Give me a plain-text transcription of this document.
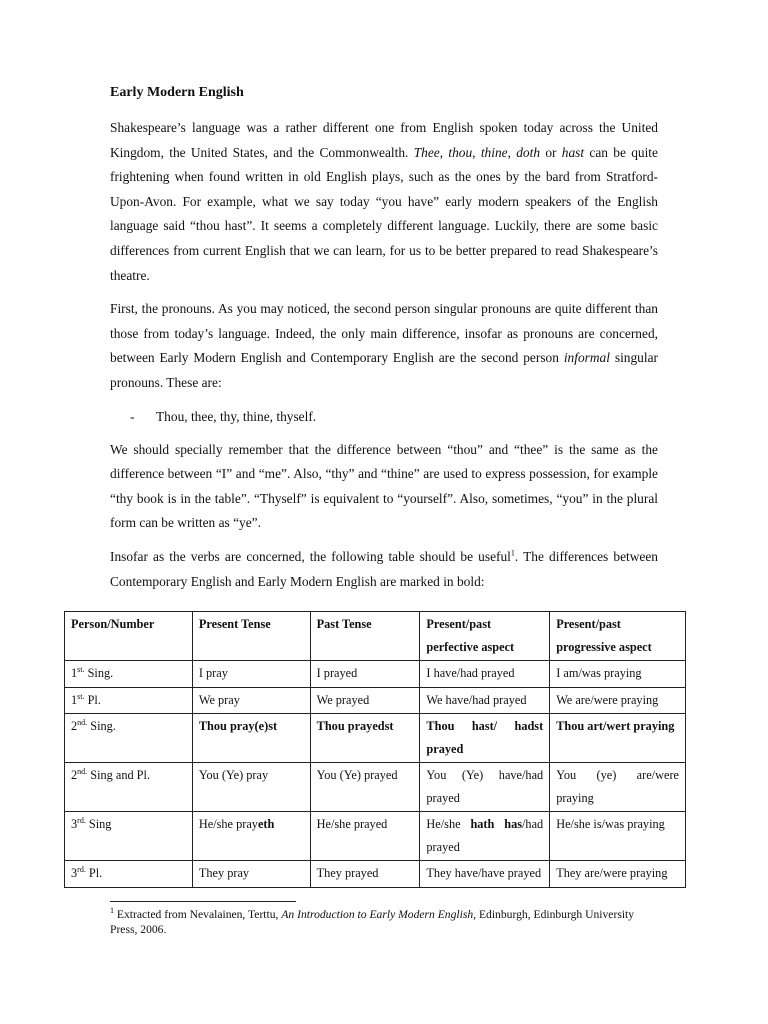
Early Modern English

Shakespeare’s language was a rather different one from English spoken today across the United Kingdom, the United States, and the Commonwealth. Thee, thou, thine, doth or hast can be quite frightening when found written in old English plays, such as the ones by the bard from Stratford-Upon-Avon. For example, what we say today “you have” early modern speakers of the English language said “thou hast”. It seems a completely different language. Luckily, there are some basic differences from current English that we can learn, for us to be better prepared to read Shakespeare’s theatre.

First, the pronouns. As you may noticed, the second person singular pronouns are quite different than those from today’s language. Indeed, the only main difference, insofar as pronouns are concerned, between Early Modern English and Contemporary English are the second person informal singular pronouns. These are:

-	Thou, thee, thy, thine, thyself.

We should specially remember that the difference between “thou” and “thee” is the same as the difference between “I” and “me”. Also, “thy” and “thine” are used to express possession, for example “thy book is in the table”. “Thyself” is equivalent to “yourself”. Also, sometimes, “you” in the plural form can be written as “ye”.

Insofar as the verbs are concerned, the following table should be useful$^1$. The differences between Contemporary English and Early Modern English are marked in bold:

Person/Number	Present Tense	Past Tense	Present/past perfective aspect	Present/past progressive aspect
$1^{st.}$ Sing.	I pray	I prayed	I have/had prayed	I am/was praying
$1^{st.}$ Pl.	We pray	We prayed	We have/had prayed	We are/were praying
$2^{nd.}$ Sing.	Thou pray(e)st	Thou prayedst	Thou hast/ hadst prayed	Thou art/wert praying
$2^{nd.}$ Sing and Pl.	You (Ye) pray	You (Ye) prayed	You (Ye) have/had prayed	You (ye) are/were praying
$3^{rd.}$ Sing	He/she prayeth	He/she prayed	He/she hath has/had prayed	He/she is/was praying
$3^{rd.}$ Pl.	They pray	They prayed	They have/have prayed	They are/were praying
$^1$ Extracted from Nevalainen, Terttu, An Introduction to Early Modern English, Edinburgh, Edinburgh University Press, 2006.
